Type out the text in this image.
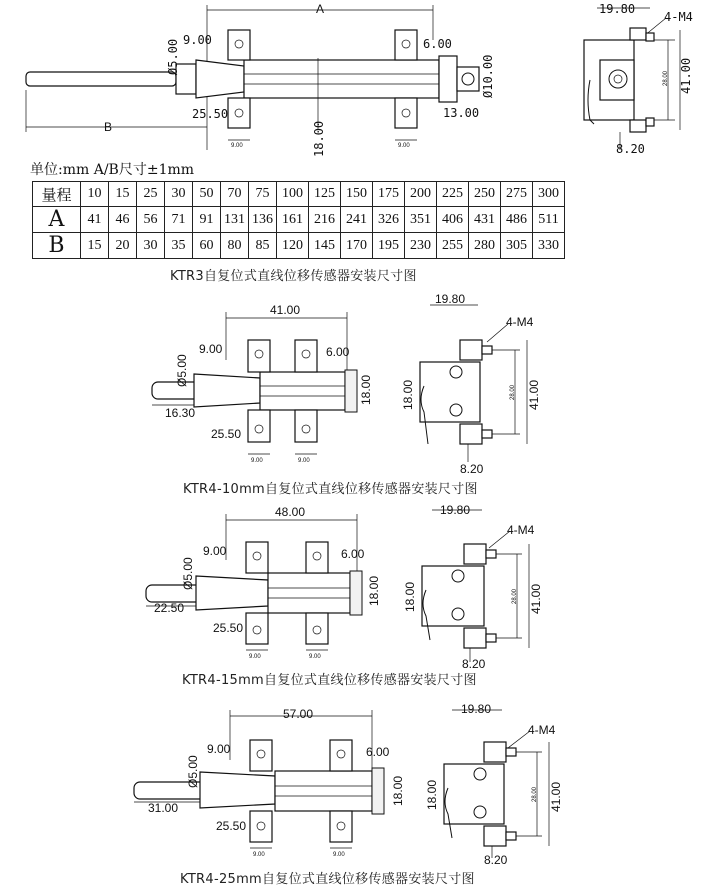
A
B
9.00	6.00
Ø5.00	Ø10.00
25.50	13.00
18.00
9.00	9.00
19.80
4-M4
28.00 41.00
8.20
单位:mm A/B尺寸±1mm
量程	10	15	25	30	50	70	75	100	125	150	175	200	225	250	275	300
A	41	46	56	71	91	131	136	161	216	241	326	351	406	431	486	511
B	15	20	30	35	60	80	85	120	145	170	195	230	255	280	305	330
KTR3自复位式直线位移传感器安装尺寸图
41.00
9.00	6.00
Ø5.00
18.00
16.30
25.50
9.00	9.00
19.80
4-M4
28.00 41.00
18.00
8.20
KTR4-10mm自复位式直线位移传感器安装尺寸图
48.00
9.00	6.00
Ø5.00
18.00
22.50
25.50
9.00	9.00
19.80
4-M4
28.00 41.00
18.00
8.20
KTR4-15mm自复位式直线位移传感器安装尺寸图
57.00
9.00	6.00
Ø5.00
18.00
31.00
25.50
9.00	9.00
19.80
4-M4
28.00 41.00
18.00
8.20
KTR4-25mm自复位式直线位移传感器安装尺寸图
